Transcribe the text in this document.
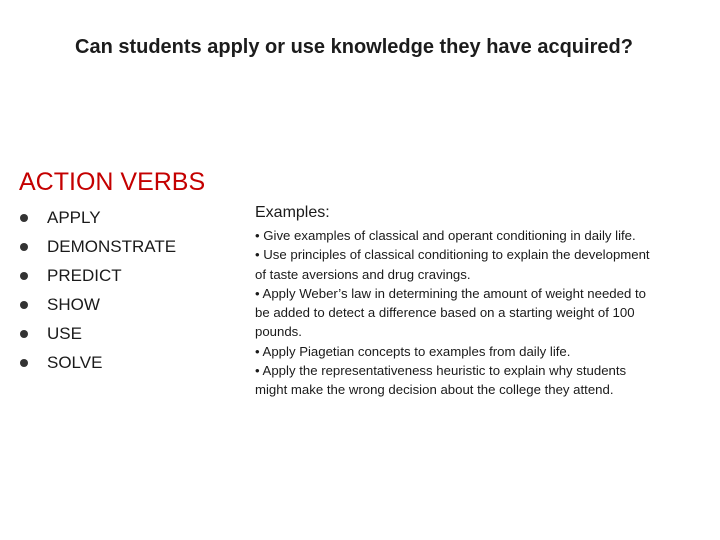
Can students apply or use knowledge they have acquired?
ACTION VERBS
APPLY
DEMONSTRATE
PREDICT
SHOW
USE
SOLVE
Examples:
• Give examples of classical and operant conditioning in daily life.
• Use principles of classical conditioning to explain the development of taste aversions and drug cravings.
• Apply Weber’s law in determining the amount of weight needed to be added to detect a difference based on a starting weight of 100 pounds.
• Apply Piagetian concepts to examples from daily life.
• Apply the representativeness heuristic to explain why students might make the wrong decision about the college they attend.
